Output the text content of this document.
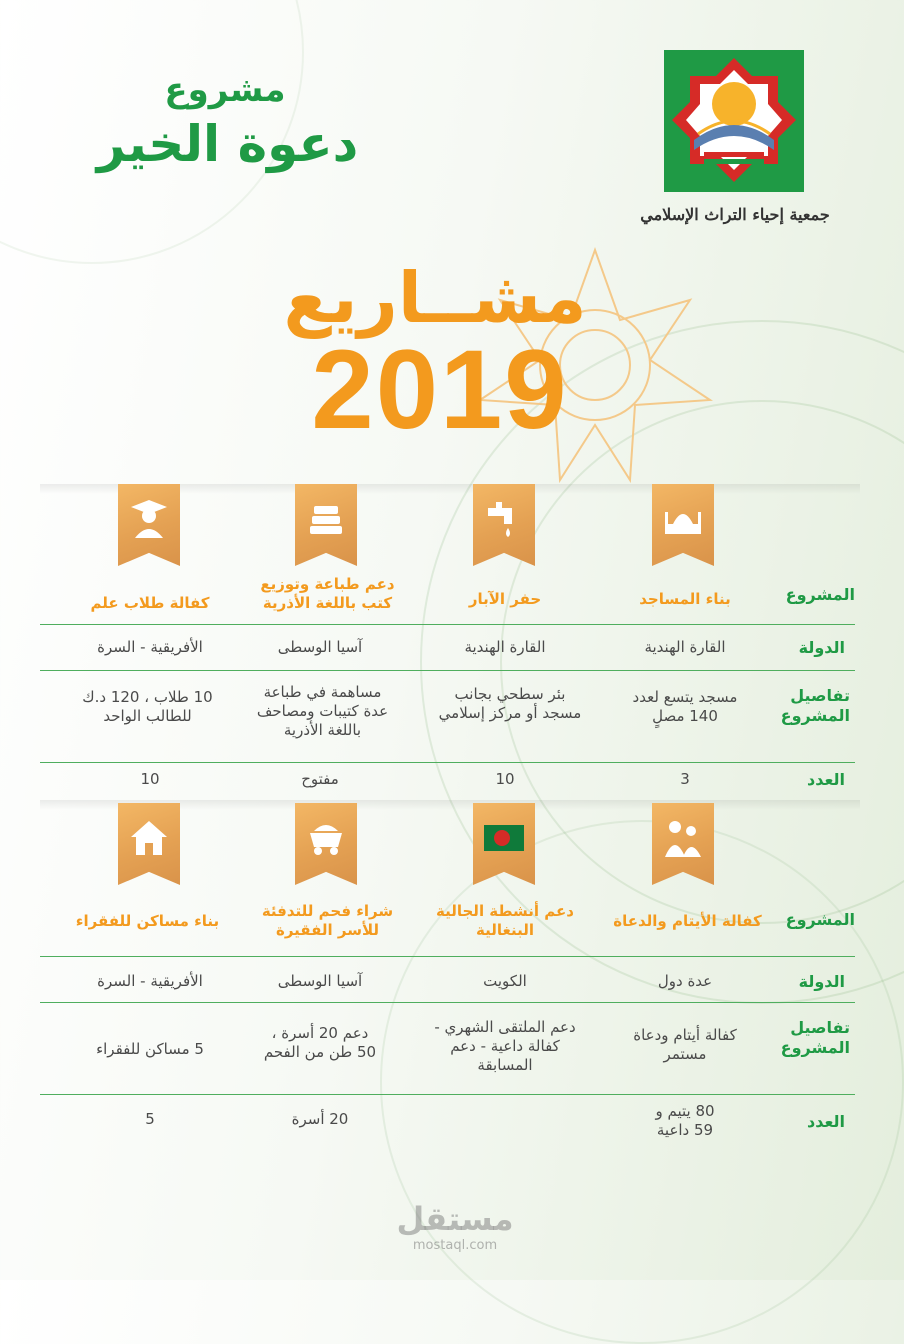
مشروع
دعوة الخير
جمعية إحياء التراث الإسلامي
مشــاريع
2019
بناء المساجد
حفر الآبار
دعم طباعة وتوزيع
كتب باللغة الأذرية
كفالة طلاب علم	المشروع
الدولة
القارة الهندية
القارة الهندية
آسيا الوسطى
الأفريقية - السرة
تفاصيل
المشروع
مسجد يتسع لعدد
140 مصلٍ
بئر سطحي بجانب
مسجد أو مركز إسلامي
مساهمة في طباعة
عدة كتيبات ومصاحف
باللغة الأذرية
10 طلاب ، 120 د.ك
للطالب الواحد
العدد
3
10
مفتوح
10
المشروع
كفالة الأيتام والدعاة
دعم أنشطة الجالية
البنغالية
شراء فحم للتدفئة
للأسر الفقيرة
بناء مساكن للفقراء
الدولة
عدة دول
الكويت
آسيا الوسطى
الأفريقية - السرة
تفاصيل
المشروع
كفالة أيتام ودعاة
مستمر
دعم الملتقى الشهري -
كفالة داعية - دعم
المسابقة
دعم 20 أسرة ،
50 طن من الفحم
5 مساكن للفقراء
العدد
80 يتيم و
59 داعية
20 أسرة
5
مستقل
mostaql.com
